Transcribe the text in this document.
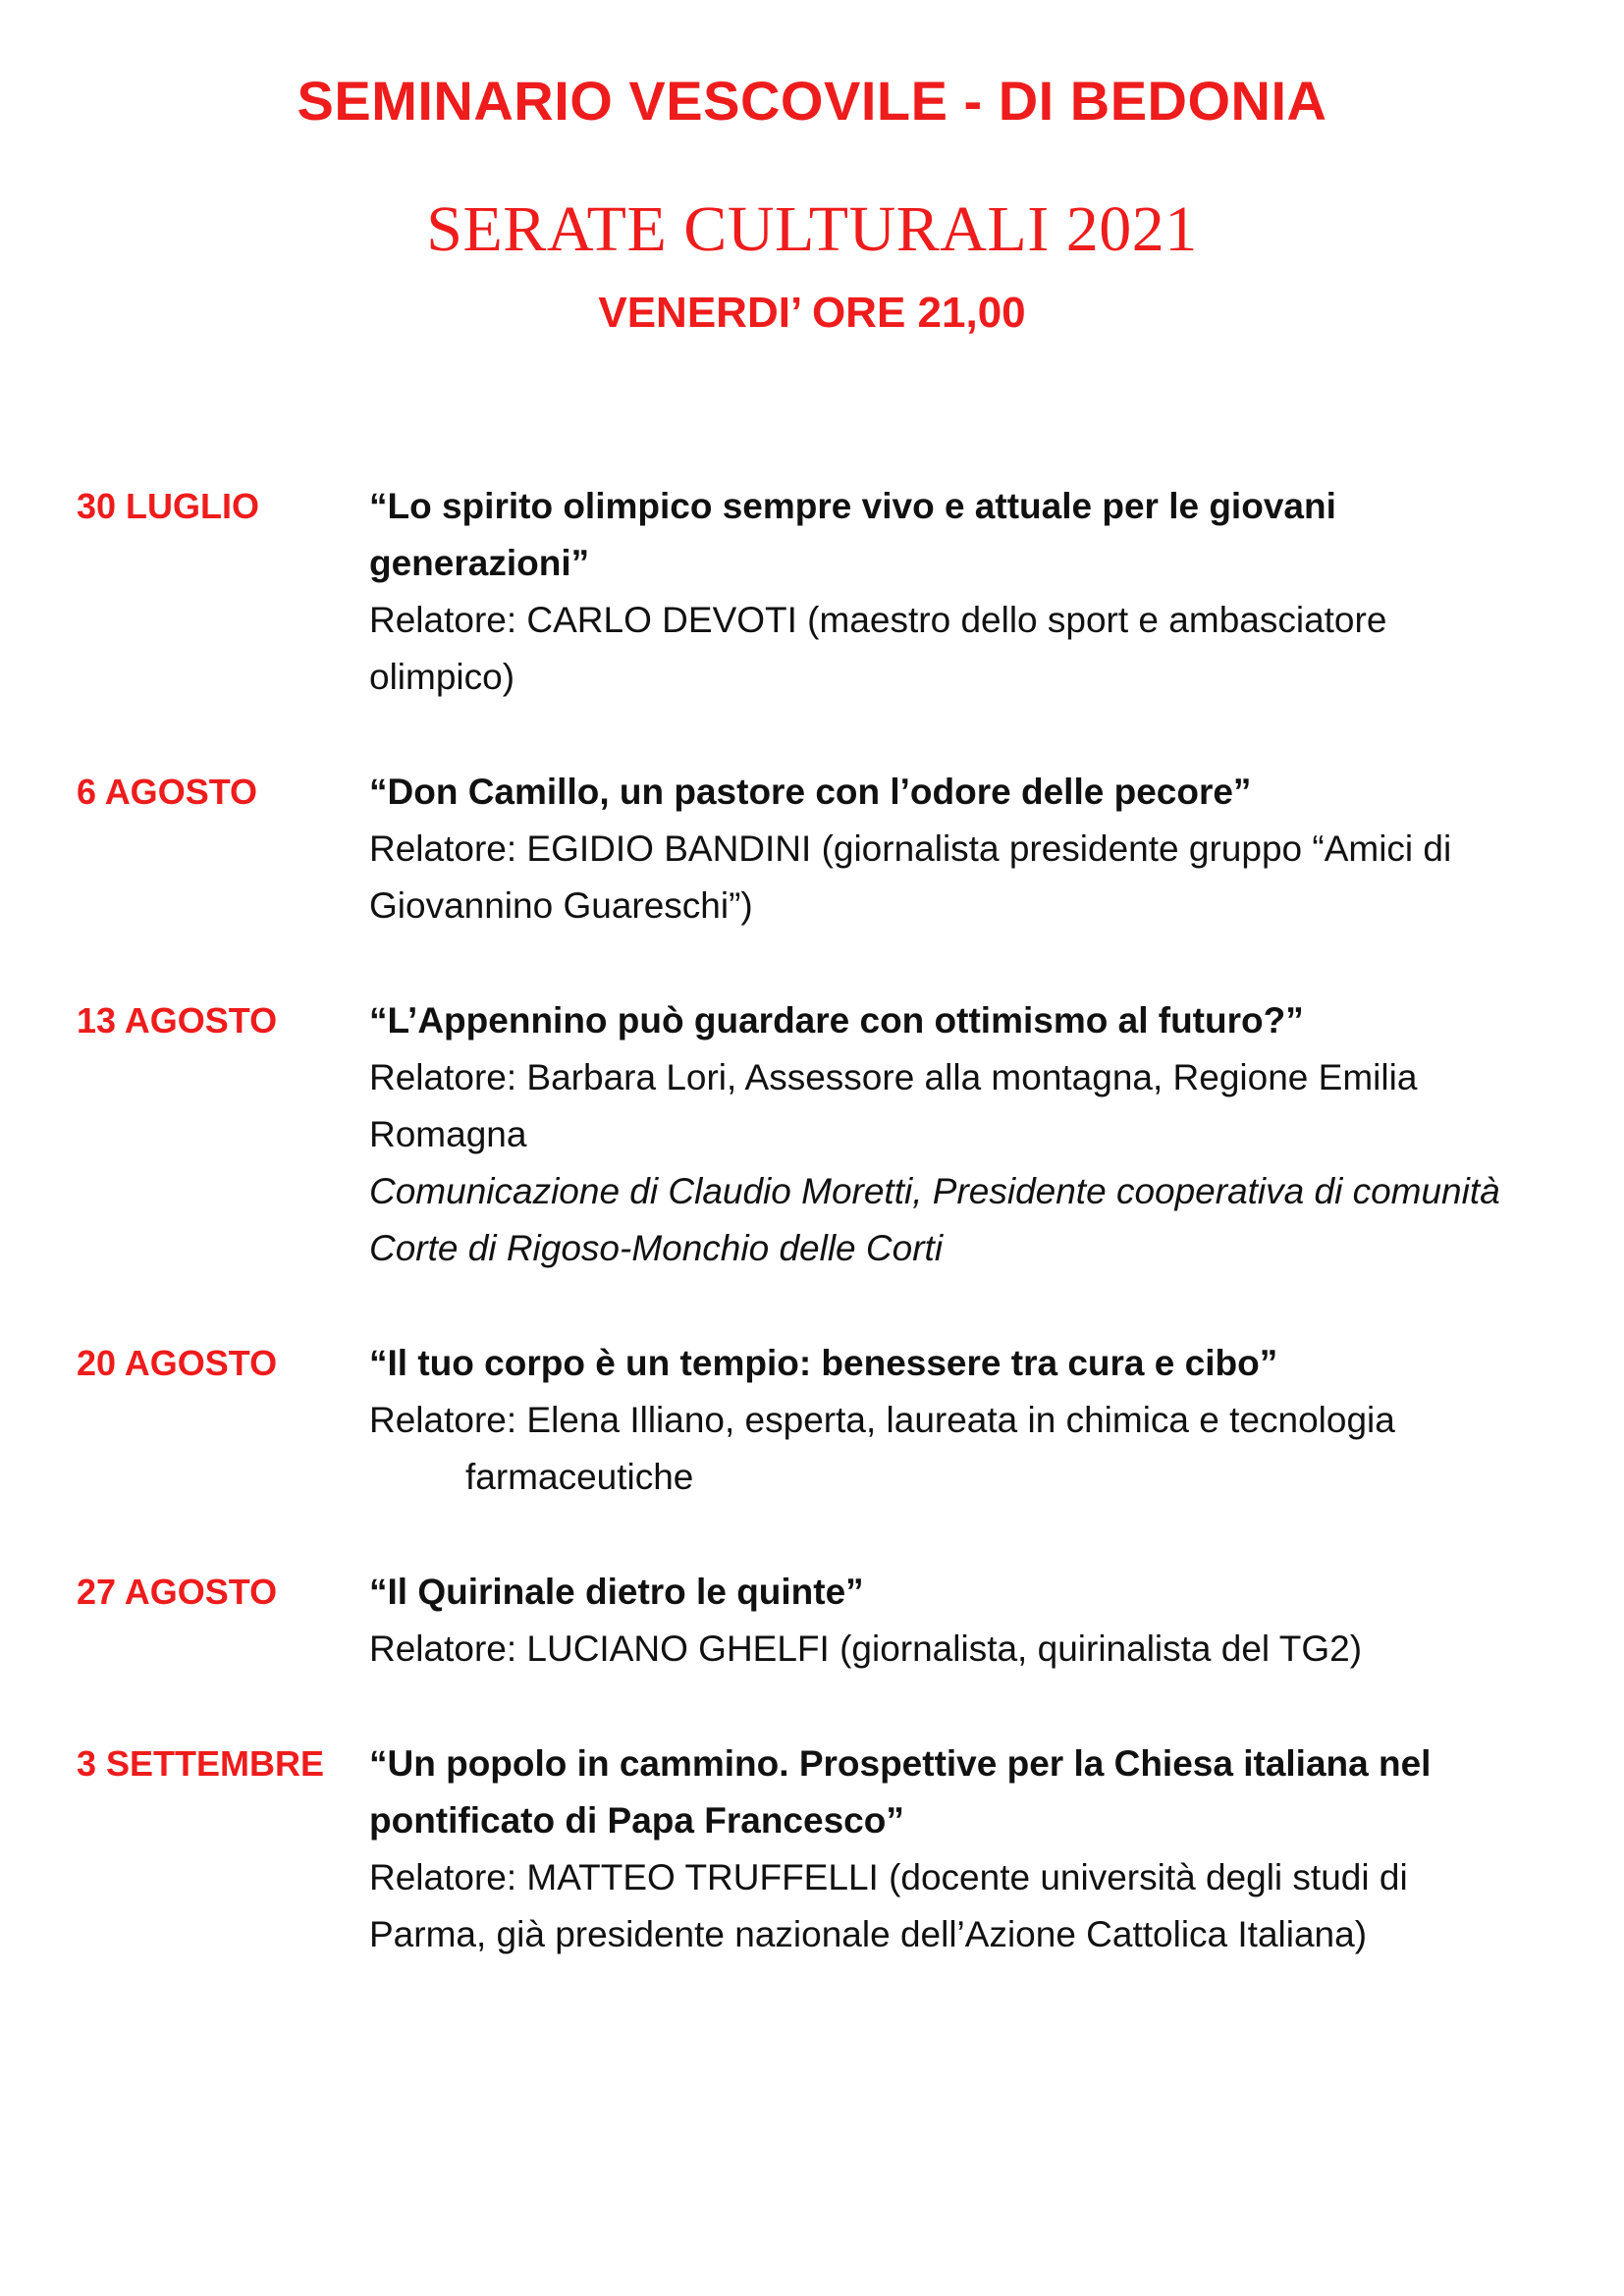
SEMINARIO VESCOVILE - DI BEDONIA
SERATE CULTURALI 2021
VENERDI’ ORE 21,00
30 LUGLIO	“Lo spirito olimpico sempre vivo e attuale per le giovani generazioni”
Relatore: CARLO DEVOTI (maestro dello sport e ambasciatore olimpico)
6 AGOSTO	“Don Camillo, un pastore con l’odore delle pecore”
Relatore: EGIDIO BANDINI (giornalista presidente gruppo “Amici di Giovannino Guareschi”)
13 AGOSTO	“L’Appennino può guardare con ottimismo al futuro?”
Relatore: Barbara Lori, Assessore alla montagna, Regione Emilia Romagna
Comunicazione di Claudio Moretti, Presidente cooperativa di comunità Corte di Rigoso-Monchio delle Corti
20 AGOSTO	“Il tuo corpo è un tempio: benessere tra cura e cibo”
Relatore: Elena Illiano, esperta, laureata in chimica e tecnologia
farmaceutiche
27 AGOSTO	“Il Quirinale dietro le quinte”
Relatore: LUCIANO GHELFI (giornalista, quirinalista del TG2)
3 SETTEMBRE “Un popolo in cammino. Prospettive per la Chiesa italiana nel pontificato di Papa Francesco”
Relatore: MATTEO TRUFFELLI (docente università degli studi di Parma, già presidente nazionale dell’Azione Cattolica Italiana)
